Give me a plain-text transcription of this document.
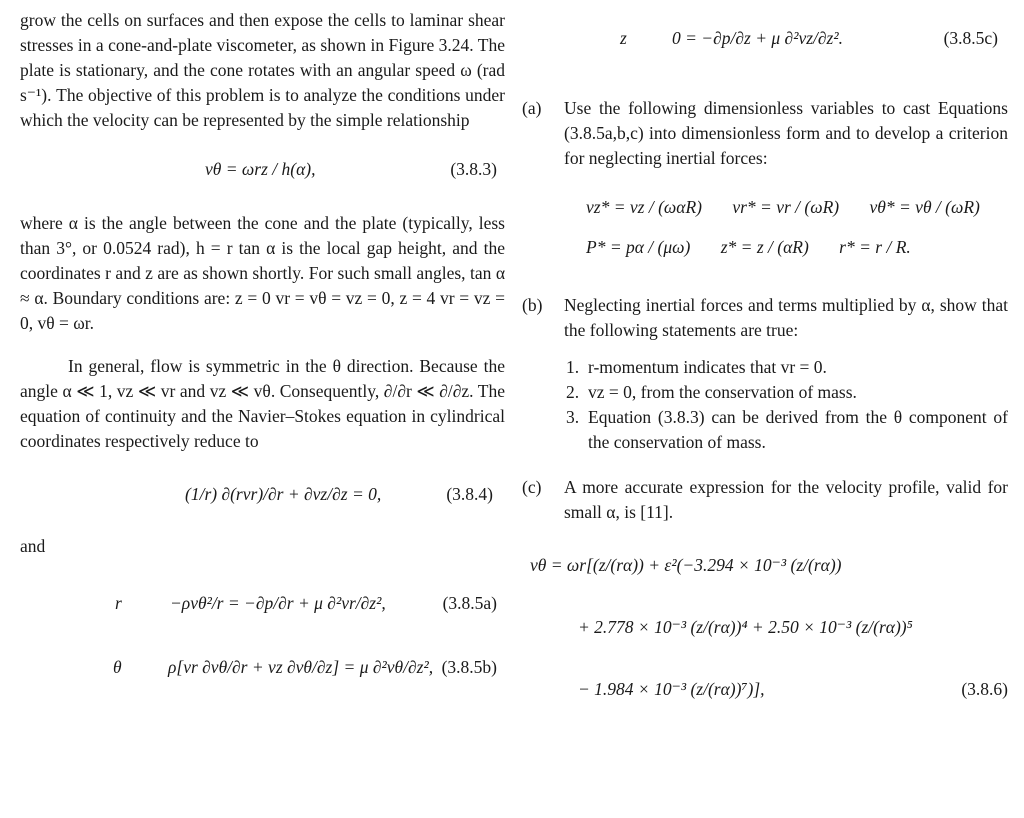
grow the cells on surfaces and then expose the cells to laminar shear stresses in a cone-and-plate viscometer, as shown in Figure 3.24. The plate is stationary, and the cone rotates with an angular speed ω (rad s⁻¹). The objective of this problem is to analyze the conditions under which the velocity can be represented by the simple relationship

vθ = ωrz / h(α),	(3.8.3)

where α is the angle between the cone and the plate (typically, less than 3°, or 0.0524 rad), h = r tan α is the local gap height, and the coordinates r and z are as shown shortly. For such small angles, tan α ≈ α. Boundary conditions are: z = 0 vr = vθ = vz = 0, z = 4 vr = vz = 0, vθ = ωr.

In general, flow is symmetric in the θ direction. Because the angle α ≪ 1, vz ≪ vr and vz ≪ vθ. Consequently, ∂/∂r ≪ ∂/∂z. The equation of continuity and the Navier–Stokes equation in cylindrical coordinates respectively reduce to

(1/r) ∂(rvr)/∂r + ∂vz/∂z = 0,	(3.8.4)

and

r	−ρvθ²/r = −∂p/∂r + μ ∂²vr/∂z²,	(3.8.5a)
θ	ρ[vr ∂vθ/∂r + vz ∂vθ/∂z] = μ ∂²vθ/∂z², (3.8.5b)
z	0 = −∂p/∂z + μ ∂²vz/∂z².	(3.8.5c)
(a) Use the following dimensionless variables to cast Equations (3.8.5a,b,c) into dimensionless form and to develop a criterion for neglecting inertial forces:
vz* = vz / (ωαR) vr* = vr / (ωR) vθ* = vθ / (ωR)
P* = pα / (μω) z* = z / (αR) r* = r / R.
(b) Neglecting inertial forces and terms multiplied by α, show that the following statements are true:
1. r-momentum indicates that vr = 0.
2. vz = 0, from the conservation of mass.
3. Equation (3.8.3) can be derived from the θ component of the conservation of mass.
(c) A more accurate expression for the velocity profile, valid for small α, is [11].
vθ = ωr[(z/(rα)) + ε²(−3.294 × 10⁻³ (z/(rα))
+ 2.778 × 10⁻³ (z/(rα))⁴ + 2.50 × 10⁻³ (z/(rα))⁵
− 1.984 × 10⁻³ (z/(rα))⁷)],	(3.8.6)
